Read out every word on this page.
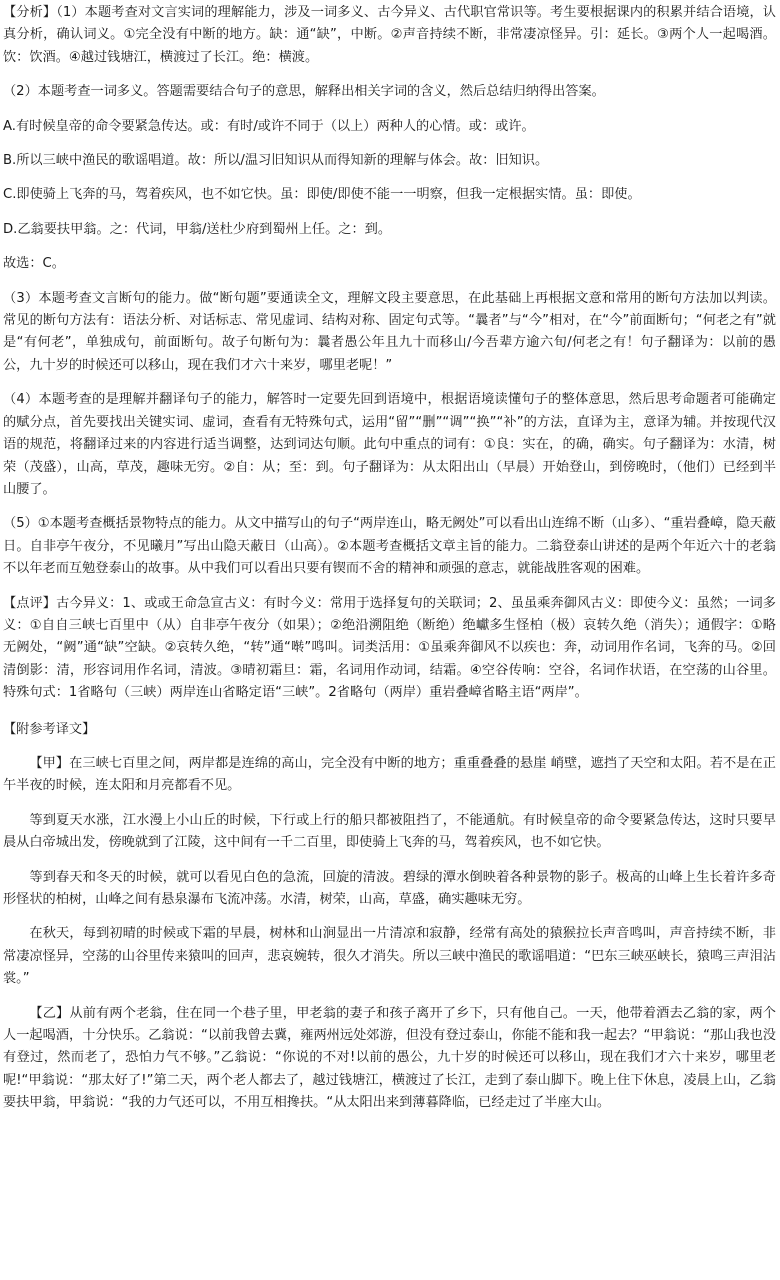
【分析】（1）本题考查对文言实词的理解能力，涉及一词多义、古今异义、古代职官常识等。考生要根据课内的积累并结合语境，认真分析，确认词义。①完全没有中断的地方。缺：通“缺”，中断。②声音持续不断，非常凄凉怪异。引：延长。③两个人一起喝酒。饮：饮酒。④越过钱塘江，横渡过了长江。绝：横渡。

（2）本题考查一词多义。答题需要结合句子的意思，解释出相关字词的含义，然后总结归纳得出答案。

A.有时候皇帝的命令要紧急传达。或：有时/或许不同于（以上）两种人的心情。或：或许。

B.所以三峡中渔民的歌谣唱道。故：所以/温习旧知识从而得知新的理解与体会。故：旧知识。

C.即使骑上飞奔的马，驾着疾风，也不如它快。虽：即使/即使不能一一明察，但我一定根据实情。虽：即使。

D.乙翁要扶甲翁。之：代词，甲翁/送杜少府到蜀州上任。之：到。

故选：C。

（3）本题考查文言断句的能力。做“断句题”要通读全文，理解文段主要意思，在此基础上再根据文意和常用的断句方法加以判读。常见的断句方法有：语法分析、对话标志、常见虚词、结构对称、固定句式等。“曩者”与“今”相对，在“今”前面断句；“何老之有”就是“有何老”，单独成句，前面断句。故子句断句为：曩者愚公年且九十而移山/今吾辈方逾六旬/何老之有！句子翻译为：以前的愚公，九十岁的时候还可以移山，现在我们才六十来岁，哪里老呢！”

（4）本题考查的是理解并翻译句子的能力，解答时一定要先回到语境中，根据语境读懂句子的整体意思，然后思考命题者可能确定的赋分点，首先要找出关键实词、虚词，查看有无特殊句式，运用“留”“删”“调”“换”“补”的方法，直译为主，意译为辅。并按现代汉语的规范，将翻译过来的内容进行适当调整，达到词达句顺。此句中重点的词有：①良：实在，的确，确实。句子翻译为：水清，树荣（茂盛），山高，草茂，趣味无穷。②自：从；至：到。句子翻译为：从太阳出山（早晨）开始登山，到傍晚时，（他们）已经到半山腰了。

（5）①本题考查概括景物特点的能力。从文中描写山的句子“两岸连山，略无阙处”可以看出山连绵不断（山多）、“重岩叠嶂，隐天蔽日。自非亭午夜分，不见曦月”写出山隐天蔽日（山高）。②本题考查概括文章主旨的能力。二翁登泰山讲述的是两个年近六十的老翁不以年老而互勉登泰山的故事。从中我们可以看出只要有锲而不舍的精神和顽强的意志，就能战胜客观的困难。

【点评】古今异义：1、或或王命急宣古义：有时今义：常用于选择复句的关联词；2、虽虽乘奔御风古义：即使今义：虽然；一词多义：①自自三峡七百里中（从）自非亭午夜分（如果）；②绝沿溯阻绝（断绝）绝巘多生怪柏（极）哀转久绝（消失）；通假字：①略无阙处，“阙”通“缺”空缺。②哀转久绝，“转”通“啭”鸣叫。词类活用：①虽乘奔御风不以疾也：奔，动词用作名词，飞奔的马。②回清倒影：清，形容词用作名词，清波。③晴初霜旦：霜，名词用作动词，结霜。④空谷传响：空谷，名词作状语，在空荡的山谷里。特殊句式：1省略句（三峡）两岸连山省略定语“三峡”。2省略句（两岸）重岩叠嶂省略主语“两岸”。

【附参考译文】

【甲】在三峡七百里之间，两岸都是连绵的高山，完全没有中断的地方；重重叠叠的悬崖 峭壁，遮挡了天空和太阳。若不是在正午半夜的时候，连太阳和月亮都看不见。

等到夏天水涨，江水漫上小山丘的时候，下行或上行的船只都被阻挡了，不能通航。有时候皇帝的命令要紧急传达，这时只要早晨从白帝城出发，傍晚就到了江陵，这中间有一千二百里，即使骑上飞奔的马，驾着疾风，也不如它快。

等到春天和冬天的时候，就可以看见白色的急流，回旋的清波。碧绿的潭水倒映着各种景物的影子。极高的山峰上生长着许多奇形怪状的柏树，山峰之间有悬泉瀑布飞流冲荡。水清，树荣，山高，草盛，确实趣味无穷。

在秋天，每到初晴的时候或下霜的早晨，树林和山涧显出一片清凉和寂静，经常有高处的猿猴拉长声音鸣叫，声音持续不断，非常凄凉怪异，空荡的山谷里传来猿叫的回声，悲哀婉转，很久才消失。所以三峡中渔民的歌谣唱道：“巴东三峡巫峡长，猿鸣三声泪沾裳。”

【乙】从前有两个老翁，住在同一个巷子里，甲老翁的妻子和孩子离开了乡下，只有他自己。一天，他带着酒去乙翁的家，两个人一起喝酒，十分快乐。乙翁说：“以前我曾去冀，雍两州远处郊游，但没有登过泰山，你能不能和我一起去？“甲翁说：“那山我也没有登过，然而老了，恐怕力气不够。”乙翁说：“你说的不对!以前的愚公，九十岁的时候还可以移山，现在我们才六十来岁，哪里老呢!“甲翁说：“那太好了!”第二天，两个老人都去了，越过钱塘江，横渡过了长江，走到了泰山脚下。晚上住下休息，凌晨上山，乙翁要扶甲翁，甲翁说：“我的力气还可以，不用互相搀扶。“从太阳出来到薄暮降临，已经走过了半座大山。
